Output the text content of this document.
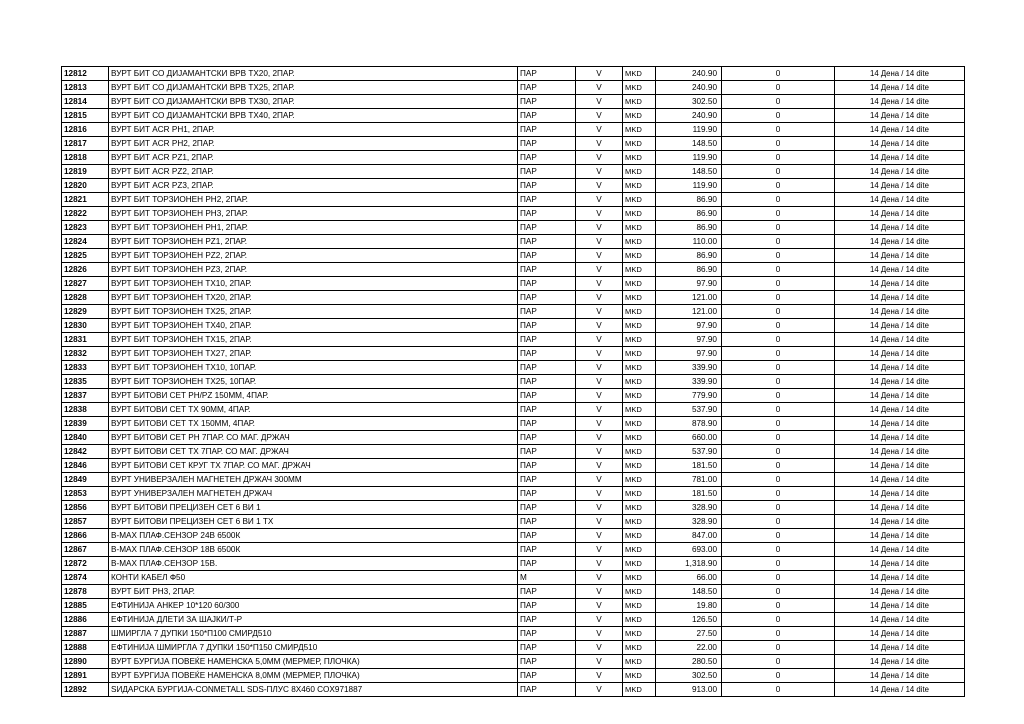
12812	ВУРТ БИТ СО ДИЈАМАНТСКИ ВРВ ТХ20, 2ПАР.	ПАР	V	MKD	240.90	0	14 Дена / 14 dite
12813	ВУРТ БИТ СО ДИЈАМАНТСКИ ВРВ ТХ25, 2ПАР.	ПАР	V	MKD	240.90	0	14 Дена / 14 dite
12814	ВУРТ БИТ СО ДИЈАМАНТСКИ ВРВ ТХ30, 2ПАР.	ПАР	V	MKD	302.50	0	14 Дена / 14 dite
12815	ВУРТ БИТ СО ДИЈАМАНТСКИ ВРВ ТХ40, 2ПАР.	ПАР	V	MKD	240.90	0	14 Дена / 14 dite
12816	ВУРТ БИТ ACR PH1, 2ПАР.	ПАР	V	MKD	119.90	0	14 Дена / 14 dite
12817	ВУРТ БИТ ACR PH2, 2ПАР.	ПАР	V	MKD	148.50	0	14 Дена / 14 dite
12818	ВУРТ БИТ ACR PZ1, 2ПАР.	ПАР	V	MKD	119.90	0	14 Дена / 14 dite
12819	ВУРТ БИТ ACR PZ2, 2ПАР.	ПАР	V	MKD	148.50	0	14 Дена / 14 dite
12820	ВУРТ БИТ ACR PZ3, 2ПАР.	ПАР	V	MKD	119.90	0	14 Дена / 14 dite
12821	ВУРТ БИТ ТОРЗИОНЕН PH2, 2ПАР.	ПАР	V	MKD	86.90	0	14 Дена / 14 dite
12822	ВУРТ БИТ ТОРЗИОНЕН PH3, 2ПАР.	ПАР	V	MKD	86.90	0	14 Дена / 14 dite
12823	ВУРТ БИТ ТОРЗИОНЕН PH1, 2ПАР.	ПАР	V	MKD	86.90	0	14 Дена / 14 dite
12824	ВУРТ БИТ ТОРЗИОНЕН PZ1, 2ПАР.	ПАР	V	MKD	110.00	0	14 Дена / 14 dite
12825	ВУРТ БИТ ТОРЗИОНЕН PZ2, 2ПАР.	ПАР	V	MKD	86.90	0	14 Дена / 14 dite
12826	ВУРТ БИТ ТОРЗИОНЕН PZ3, 2ПАР.	ПАР	V	MKD	86.90	0	14 Дена / 14 dite
12827	ВУРТ БИТ ТОРЗИОНЕН ТХ10, 2ПАР.	ПАР	V	MKD	97.90	0	14 Дена / 14 dite
12828	ВУРТ БИТ ТОРЗИОНЕН ТХ20, 2ПАР.	ПАР	V	MKD	121.00	0	14 Дена / 14 dite
12829	ВУРТ БИТ ТОРЗИОНЕН ТХ25, 2ПАР.	ПАР	V	MKD	121.00	0	14 Дена / 14 dite
12830	ВУРТ БИТ ТОРЗИОНЕН ТХ40, 2ПАР.	ПАР	V	MKD	97.90	0	14 Дена / 14 dite
12831	ВУРТ БИТ ТОРЗИОНЕН ТХ15, 2ПАР.	ПАР	V	MKD	97.90	0	14 Дена / 14 dite
12832	ВУРТ БИТ ТОРЗИОНЕН ТХ27, 2ПАР.	ПАР	V	MKD	97.90	0	14 Дена / 14 dite
12833	ВУРТ БИТ ТОРЗИОНЕН ТХ10, 10ПАР.	ПАР	V	MKD	339.90	0	14 Дена / 14 dite
12835	ВУРТ БИТ ТОРЗИОНЕН ТХ25, 10ПАР.	ПАР	V	MKD	339.90	0	14 Дена / 14 dite
12837	ВУРТ БИТОВИ СЕТ PH/PZ 150ММ, 4ПАР.	ПАР	V	MKD	779.90	0	14 Дена / 14 dite
12838	ВУРТ БИТОВИ СЕТ ТХ 90ММ, 4ПАР.	ПАР	V	MKD	537.90	0	14 Дена / 14 dite
12839	ВУРТ БИТОВИ СЕТ ТХ 150ММ, 4ПАР.	ПАР	V	MKD	878.90	0	14 Дена / 14 dite
12840	ВУРТ БИТОВИ СЕТ PH 7ПАР. СО МАГ. ДРЖАЧ	ПАР	V	MKD	660.00	0	14 Дена / 14 dite
12842	ВУРТ БИТОВИ СЕТ ТХ 7ПАР. СО МАГ. ДРЖАЧ	ПАР	V	MKD	537.90	0	14 Дена / 14 dite
12846	ВУРТ БИТОВИ СЕТ КРУГ ТХ 7ПАР. СО МАГ. ДРЖАЧ	ПАР	V	MKD	181.50	0	14 Дена / 14 dite
12849	ВУРТ УНИВЕРЗАЛЕН МАГНЕТЕН ДРЖАЧ 300ММ	ПАР	V	MKD	781.00	0	14 Дена / 14 dite
12853	ВУРТ УНИВЕРЗАЛЕН МАГНЕТЕН ДРЖАЧ	ПАР	V	MKD	181.50	0	14 Дена / 14 dite
12856	ВУРТ БИТОВИ ПРЕЦИЗЕН СЕТ 6 ВИ 1	ПАР	V	MKD	328.90	0	14 Дена / 14 dite
12857	ВУРТ БИТОВИ ПРЕЦИЗЕН СЕТ 6 ВИ 1 ТХ	ПАР	V	MKD	328.90	0	14 Дена / 14 dite
12866	В-МАХ ПЛАФ.СЕНЗОР 24В 6500К	ПАР	V	MKD	847.00	0	14 Дена / 14 dite
12867	В-МАХ ПЛАФ.СЕНЗОР 18В 6500К	ПАР	V	MKD	693.00	0	14 Дена / 14 dite
12872	В-МАХ ПЛАФ.СЕНЗОР 15В.	ПАР	V	MKD	1,318.90	0	14 Дена / 14 dite
12874	КОНТИ КАБЕЛ Ф50	М	V	MKD	66.00	0	14 Дена / 14 dite
12878	ВУРТ БИТ PH3, 2ПАР.	ПАР	V	MKD	148.50	0	14 Дена / 14 dite
12885	ЕФТИНИЈА АНКЕР 10*120 60/300	ПАР	V	MKD	19.80	0	14 Дена / 14 dite
12886	ЕФТИНИЈА ДЛЕТИ ЗА ШАЈКИ/Т-Р	ПАР	V	MKD	126.50	0	14 Дена / 14 dite
12887	ШМИРГЛА 7 ДУПКИ 150*П100 СМИРД510	ПАР	V	MKD	27.50	0	14 Дена / 14 dite
12888	ЕФТИНИЈА ШМИРГЛА 7 ДУПКИ 150*П150 СМИРД510	ПАР	V	MKD	22.00	0	14 Дена / 14 dite
12890	ВУРТ БУРГИЈА ПОВЕЌЕ НАМЕНСКА 5,0ММ (МЕРМЕР, ПЛОЧКА)	ПАР	V	MKD	280.50	0	14 Дена / 14 dite
12891	ВУРТ БУРГИЈА ПОВЕЌЕ НАМЕНСКА 8,0ММ (МЕРМЕР, ПЛОЧКА)	ПАР	V	MKD	302.50	0	14 Дена / 14 dite
12892	ЅИДАРСКА БУРГИЈА-CONMETALL SDS-ПЛУС 8X460 COX971887	ПАР	V	MKD	913.00	0	14 Дена / 14 dite
